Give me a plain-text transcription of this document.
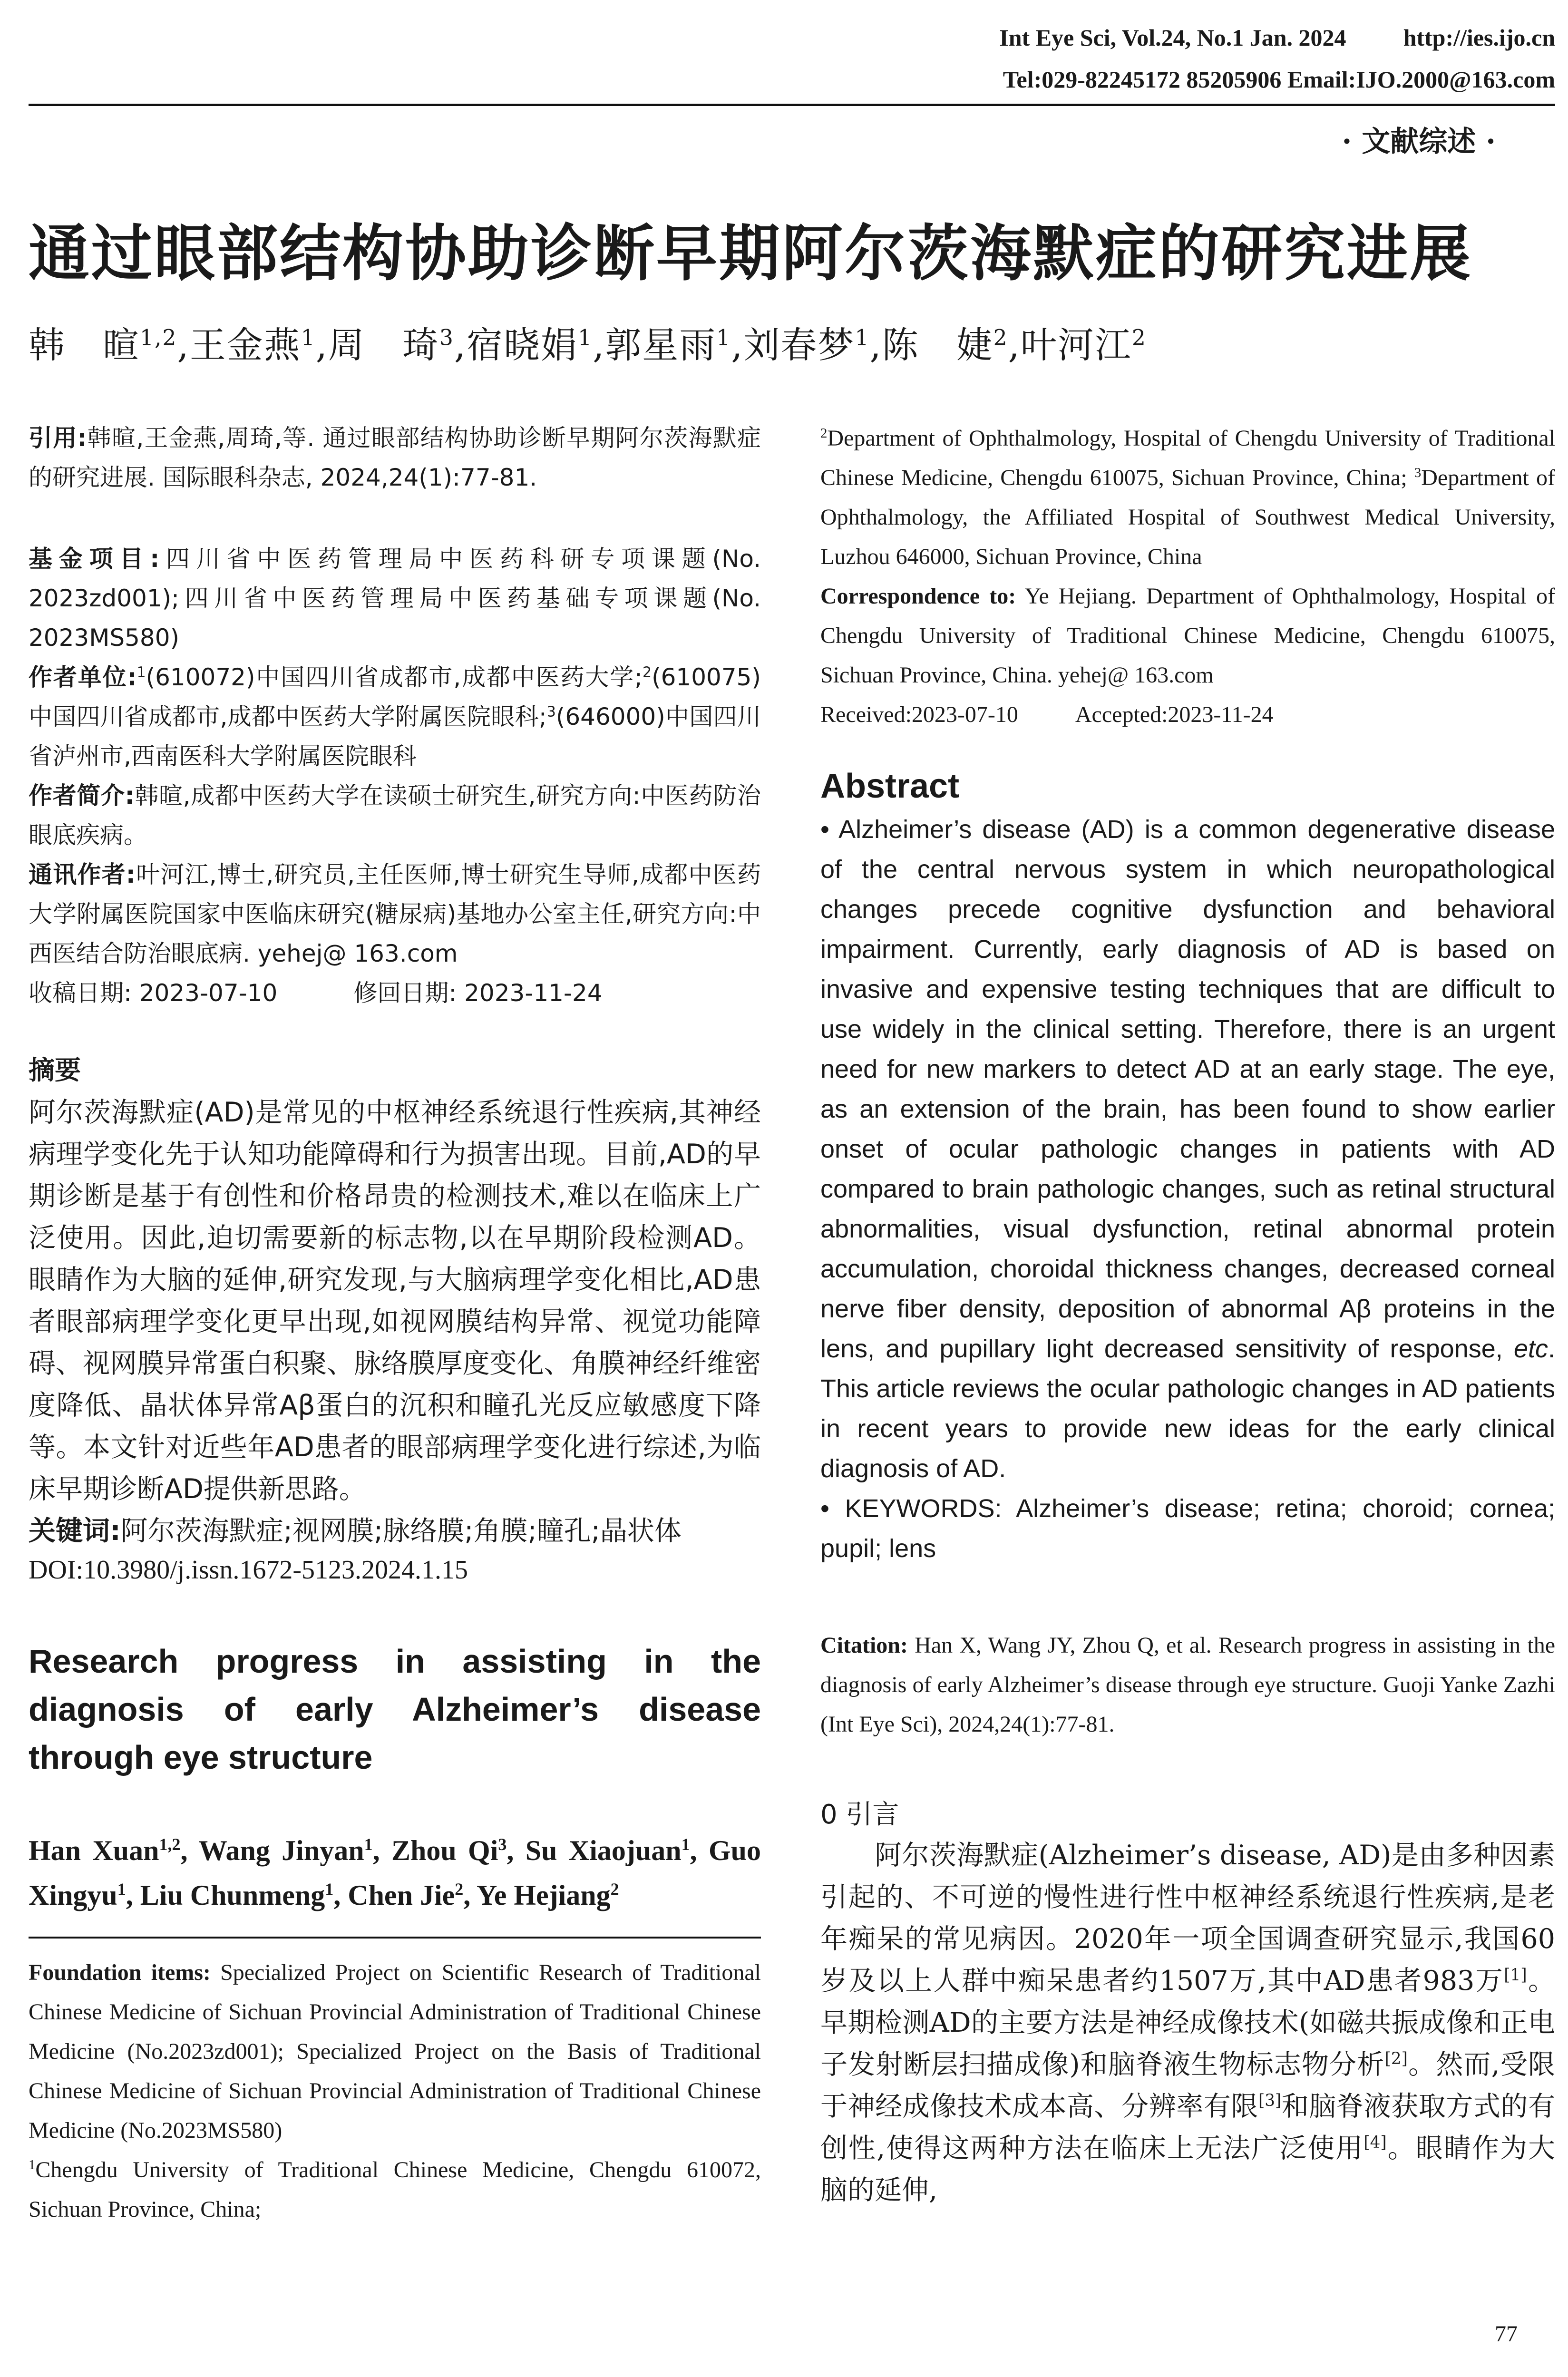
Int Eye Sci, Vol.24, No.1 Jan. 2024 http://ies.ijo.cn
Tel:029-82245172 85205906 Email:IJO.2000@163.com
· 文献综述 ·
通过眼部结构协助诊断早期阿尔茨海默症的研究进展
韩　暄$^{1,2}$,王金燕$^1$,周　琦$^3$,宿晓娟$^1$,郭星雨$^1$,刘春梦$^1$,陈　婕$^2$,叶河江$^2$

引用:韩暄,王金燕,周琦,等. 通过眼部结构协助诊断早期阿尔茨海默症的研究进展. 国际眼科杂志, 2024,24(1):77-81.

基金项目:四川省中医药管理局中医药科研专项课题(No. 2023zd001);四川省中医药管理局中医药基础专项课题(No. 2023MS580)

作者单位:$^1$(610072)中国四川省成都市,成都中医药大学;$^2$(610075)中国四川省成都市,成都中医药大学附属医院眼科;$^3$(646000)中国四川省泸州市,西南医科大学附属医院眼科

作者简介:韩暄,成都中医药大学在读硕士研究生,研究方向:中医药防治眼底疾病。

通讯作者:叶河江,博士,研究员,主任医师,博士研究生导师,成都中医药大学附属医院国家中医临床研究(糖尿病)基地办公室主任,研究方向:中西医结合防治眼底病. yehej@ 163.com

收稿日期: 2023-07-10	修回日期: 2023-11-24

摘要

阿尔茨海默症(AD)是常见的中枢神经系统退行性疾病,其神经病理学变化先于认知功能障碍和行为损害出现。目前,AD的早期诊断是基于有创性和价格昂贵的检测技术,难以在临床上广泛使用。因此,迫切需要新的标志物,以在早期阶段检测AD。眼睛作为大脑的延伸,研究发现,与大脑病理学变化相比,AD患者眼部病理学变化更早出现,如视网膜结构异常、视觉功能障碍、视网膜异常蛋白积聚、脉络膜厚度变化、角膜神经纤维密度降低、晶状体异常Aβ蛋白的沉积和瞳孔光反应敏感度下降等。本文针对近些年AD患者的眼部病理学变化进行综述,为临床早期诊断AD提供新思路。

关键词:阿尔茨海默症;视网膜;脉络膜;角膜;瞳孔;晶状体

DOI:10.3980/j.issn.1672-5123.2024.1.15
Research progress in assisting in the diagnosis of early Alzheimer’s disease through eye structure
Han Xuan$^{1,2}$, Wang Jinyan$^1$, Zhou Qi$^3$, Su Xiaojuan$^1$, Guo Xingyu$^1$, Liu Chunmeng$^1$, Chen Jie$^2$, Ye Hejiang$^2$

Foundation items: Specialized Project on Scientific Research of Traditional Chinese Medicine of Sichuan Provincial Administration of Traditional Chinese Medicine (No.2023zd001); Specialized Project on the Basis of Traditional Chinese Medicine of Sichuan Provincial Administration of Traditional Chinese Medicine (No.2023MS580)

$^1$Chengdu University of Traditional Chinese Medicine, Chengdu 610072, Sichuan Province, China;

$^2$Department of Ophthalmology, Hospital of Chengdu University of Traditional Chinese Medicine, Chengdu 610075, Sichuan Province, China; $^3$Department of Ophthalmology, the Affiliated Hospital of Southwest Medical University, Luzhou 646000, Sichuan Province, China

Correspondence to: Ye Hejiang. Department of Ophthalmology, Hospital of Chengdu University of Traditional Chinese Medicine, Chengdu 610075, Sichuan Province, China. yehej@ 163.com

Received:2023-07-10	Accepted:2023-11-24

Abstract

• Alzheimer’s disease (AD) is a common degenerative disease of the central nervous system in which neuropathological changes precede cognitive dysfunction and behavioral impairment. Currently, early diagnosis of AD is based on invasive and expensive testing techniques that are difficult to use widely in the clinical setting. Therefore, there is an urgent need for new markers to detect AD at an early stage. The eye, as an extension of the brain, has been found to show earlier onset of ocular pathologic changes in patients with AD compared to brain pathologic changes, such as retinal structural abnormalities, visual dysfunction, retinal abnormal protein accumulation, choroidal thickness changes, decreased corneal nerve fiber density, deposition of abnormal Aβ proteins in the lens, and pupillary light decreased sensitivity of response, etc. This article reviews the ocular pathologic changes in AD patients in recent years to provide new ideas for the early clinical diagnosis of AD.

• KEYWORDS: Alzheimer’s disease; retina; choroid; cornea; pupil; lens

Citation: Han X, Wang JY, Zhou Q, et al. Research progress in assisting in the diagnosis of early Alzheimer’s disease through eye structure. Guoji Yanke Zazhi (Int Eye Sci), 2024,24(1):77-81.

0 引言

阿尔茨海默症(Alzheimer’s disease, AD)是由多种因素引起的、不可逆的慢性进行性中枢神经系统退行性疾病,是老年痴呆的常见病因。2020年一项全国调查研究显示,我国60岁及以上人群中痴呆患者约1507万,其中AD患者983万[1]。早期检测AD的主要方法是神经成像技术(如磁共振成像和正电子发射断层扫描成像)和脑脊液生物标志物分析[2]。然而,受限于神经成像技术成本高、分辨率有限[3]和脑脊液获取方式的有创性,使得这两种方法在临床上无法广泛使用[4]。眼睛作为大脑的延伸,

77
